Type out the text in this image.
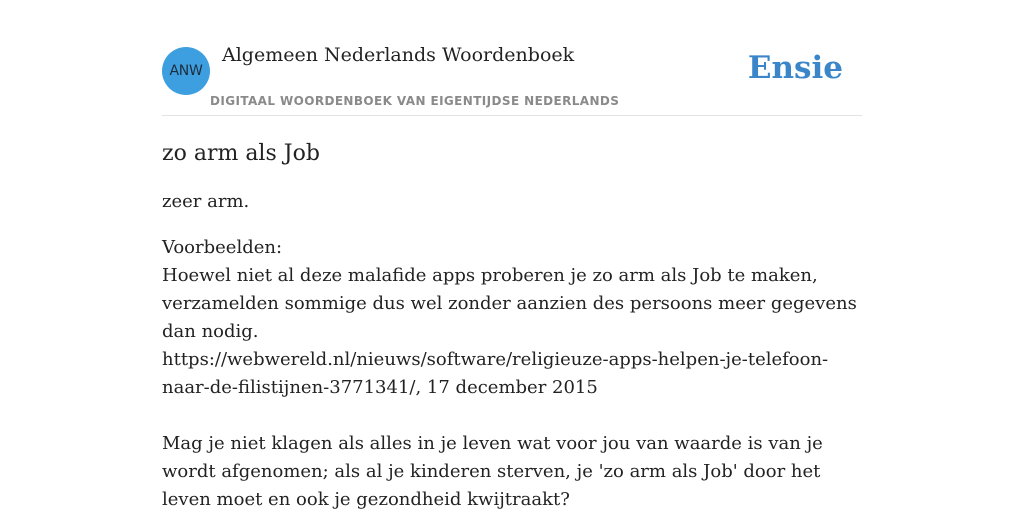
ANW
Algemeen Nederlands Woordenboek
DIGITAAL WOORDENBOEK VAN EIGENTIJDSE NEDERLANDS
Ensie
zo arm als Job

zeer arm.

Voorbeelden:
Hoewel niet al deze malafide apps proberen je zo arm als Job te maken, verzamelden sommige dus wel zonder aanzien des persoons meer gegevens dan nodig.
https://webwereld.nl/nieuws/software/religieuze-apps-helpen-je-telefoon-naar-de-filistijnen-3771341/, 17 december 2015
Mag je niet klagen als alles in je leven wat voor jou van waarde is van je wordt afgenomen; als al je kinderen sterven, je 'zo arm als Job' door het leven moet en ook je gezondheid kwijtraakt?
